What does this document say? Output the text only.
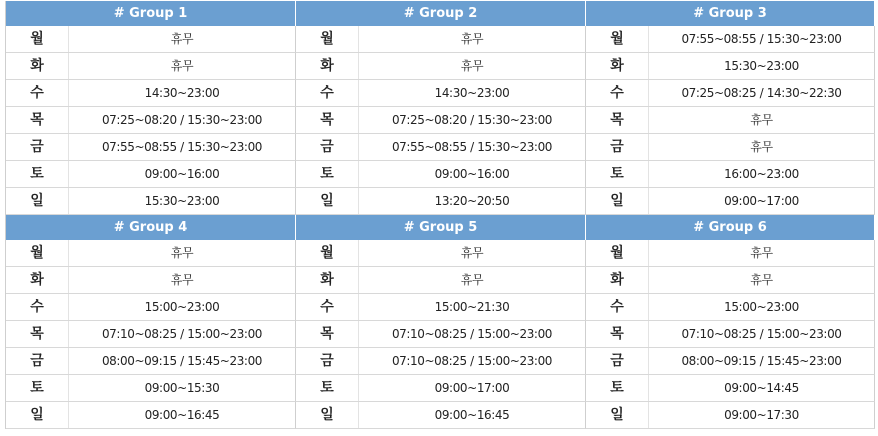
# Group 1
월	휴무
화	휴무
수	14:30~23:00
목	07:25~08:20 / 15:30~23:00
금	07:55~08:55 / 15:30~23:00
토	09:00~16:00
일	15:30~23:00
# Group 2
월	휴무
화	휴무
수	14:30~23:00
목	07:25~08:20 / 15:30~23:00
금	07:55~08:55 / 15:30~23:00
토	09:00~16:00
일	13:20~20:50
# Group 3
월	07:55~08:55 / 15:30~23:00
화	15:30~23:00
수	07:25~08:25 / 14:30~22:30
목	휴무
금	휴무
토	16:00~23:00
일	09:00~17:00
# Group 4
월	휴무
화	휴무
수	15:00~23:00
목	07:10~08:25 / 15:00~23:00
금	08:00~09:15 / 15:45~23:00
토	09:00~15:30
일	09:00~16:45
# Group 5
월	휴무
화	휴무
수	15:00~21:30
목	07:10~08:25 / 15:00~23:00
금	07:10~08:25 / 15:00~23:00
토	09:00~17:00
일	09:00~16:45
# Group 6
월	휴무
화	휴무
수	15:00~23:00
목	07:10~08:25 / 15:00~23:00
금	08:00~09:15 / 15:45~23:00
토	09:00~14:45
일	09:00~17:30
